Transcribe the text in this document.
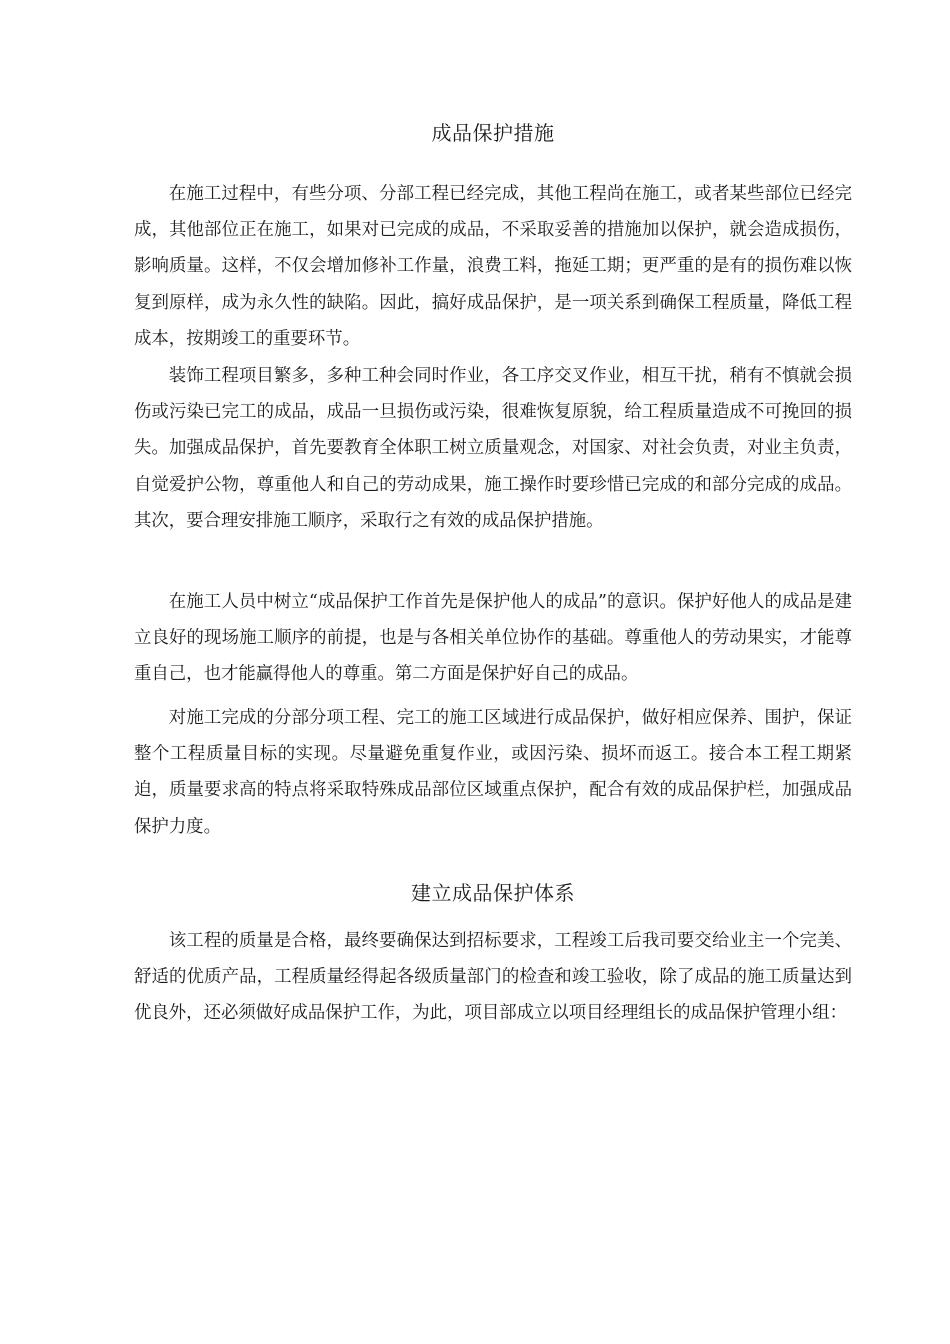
成品保护措施

在施工过程中，有些分项、分部工程已经完成，其他工程尚在施工，或者某些部位已经完成，其他部位正在施工，如果对已完成的成品，不采取妥善的措施加以保护，就会造成损伤，影响质量。这样，不仅会增加修补工作量，浪费工料，拖延工期；更严重的是有的损伤难以恢复到原样，成为永久性的缺陷。因此，搞好成品保护，是一项关系到确保工程质量，降低工程成本，按期竣工的重要环节。

装饰工程项目繁多，多种工种会同时作业，各工序交叉作业，相互干扰，稍有不慎就会损伤或污染已完工的成品，成品一旦损伤或污染，很难恢复原貌，给工程质量造成不可挽回的损失。加强成品保护，首先要教育全体职工树立质量观念，对国家、对社会负责，对业主负责，自觉爱护公物，尊重他人和自己的劳动成果，施工操作时要珍惜已完成的和部分完成的成品。其次，要合理安排施工顺序，采取行之有效的成品保护措施。

在施工人员中树立“成品保护工作首先是保护他人的成品”的意识。保护好他人的成品是建立良好的现场施工顺序的前提，也是与各相关单位协作的基础。尊重他人的劳动果实，才能尊重自己，也才能赢得他人的尊重。第二方面是保护好自己的成品。

对施工完成的分部分项工程、完工的施工区域进行成品保护，做好相应保养、围护，保证整个工程质量目标的实现。尽量避免重复作业，或因污染、损坏而返工。接合本工程工期紧迫，质量要求高的特点将采取特殊成品部位区域重点保护，配合有效的成品保护栏，加强成品保护力度。

建立成品保护体系

该工程的质量是合格，最终要确保达到招标要求，工程竣工后我司要交给业主一个完美、舒适的优质产品，工程质量经得起各级质量部门的检查和竣工验收，除了成品的施工质量达到优良外，还必须做好成品保护工作，为此，项目部成立以项目经理组长的成品保护管理小组：
